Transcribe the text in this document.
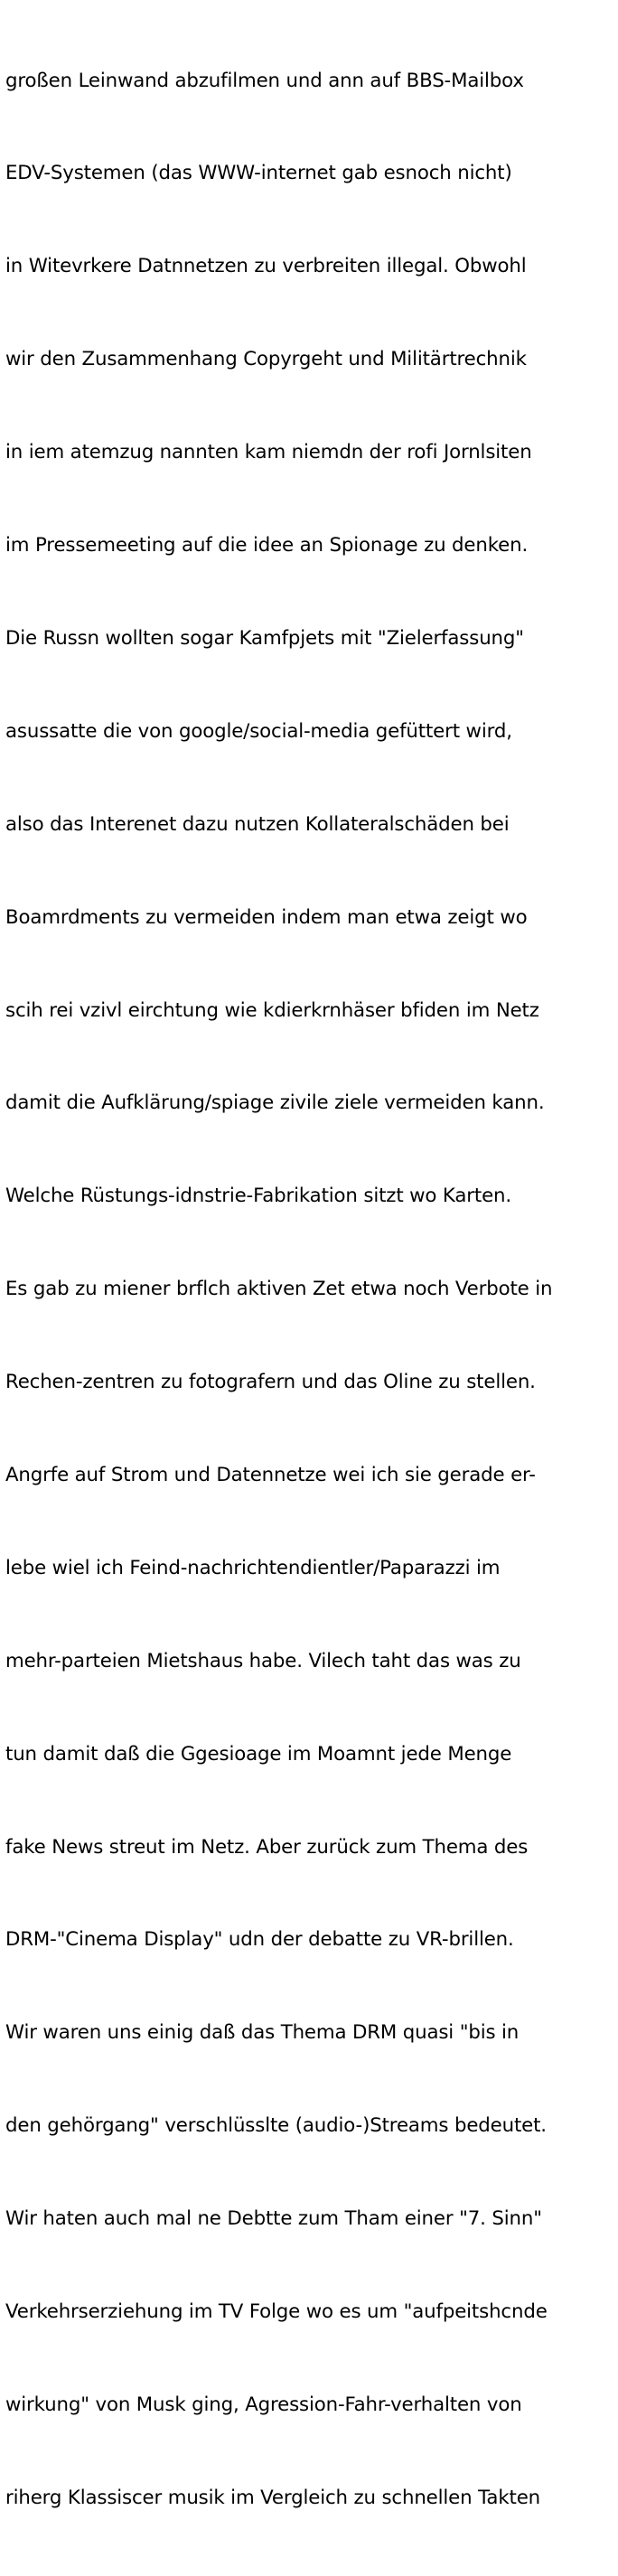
großen Leinwand abzufilmen und ann auf BBS-Mailbox

EDV-Systemen (das WWW-internet gab esnoch nicht)

in Witevrkere Datnnetzen zu verbreiten illegal. Obwohl

wir den Zusammenhang Copyrgeht und Militärtrechnik

in iem atemzug nannten kam niemdn der rofi Jornlsiten

im Pressemeeting auf die idee an Spionage zu denken.

Die Russn wollten sogar Kamfpjets mit "Zielerfassung"

asussatte die von google/social-media gefüttert wird,

also das Interenet dazu nutzen Kollateralschäden bei

Boamrdments zu vermeiden indem man etwa zeigt wo

scih rei vzivl eirchtung wie kdierkrnhäser bfiden im Netz

damit die Aufklärung/spiage zivile ziele vermeiden kann.

Welche Rüstungs-idnstrie-Fabrikation sitzt wo Karten.

Es gab zu miener brflch aktiven Zet etwa noch Verbote in

Rechen-zentren zu fotografern und das Oline zu stellen.

Angrfe auf Strom und Datennetze wei ich sie gerade er-

lebe wiel ich Feind-nachrichtendientler/Paparazzi im

mehr-parteien Mietshaus habe. Vilech taht das was zu

tun damit daß die Ggesioage im Moamnt jede Menge

fake News streut im Netz. Aber zurück zum Thema des

DRM-"Cinema Display" udn der debatte zu VR-brillen.

Wir waren uns einig daß das Thema DRM quasi "bis in

den gehörgang" verschlüsslte (audio-)Streams bedeutet.

Wir haten auch mal ne Debtte zum Tham einer "7. Sinn"

Verkehrserziehung im TV Folge wo es um "aufpeitshcnde

wirkung" von Musk ging, Agression-Fahr-verhalten von

riherg Klassiscer musik im Vergleich zu schnellen Takten
